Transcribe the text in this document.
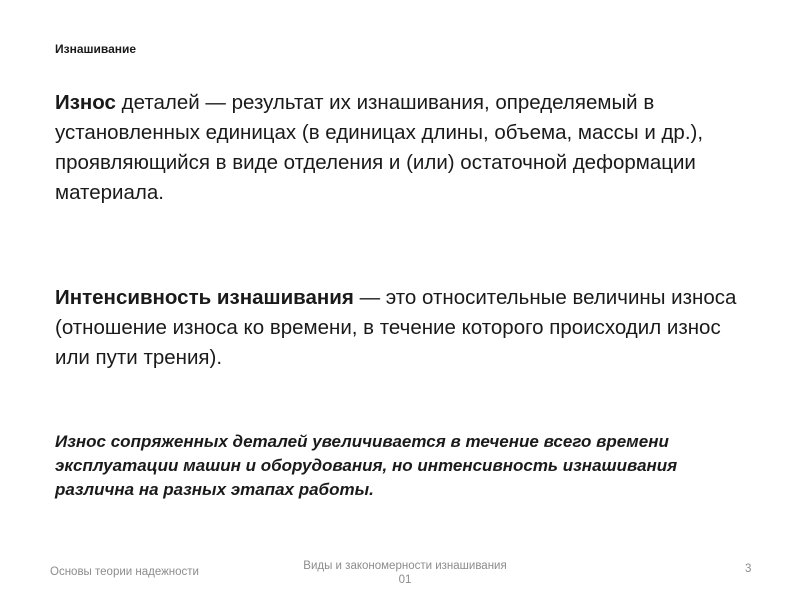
Изнашивание
Износ деталей — результат их изнашивания, определяемый в установленных единицах (в единицах длины, объема, массы и др.), проявляющийся в виде отделения и (или) остаточной деформации материала.
Интенсивность изнашивания — это относительные величины износа (отношение износа ко времени, в течение которого происходил износ или пути трения).
Износ сопряженных деталей увеличивается в течение всего времени эксплуатации машин и оборудования, но интенсивность изнашивания различна на разных этапах работы.
Основы теории надежности	Виды и закономерности изнашивания
01
3
